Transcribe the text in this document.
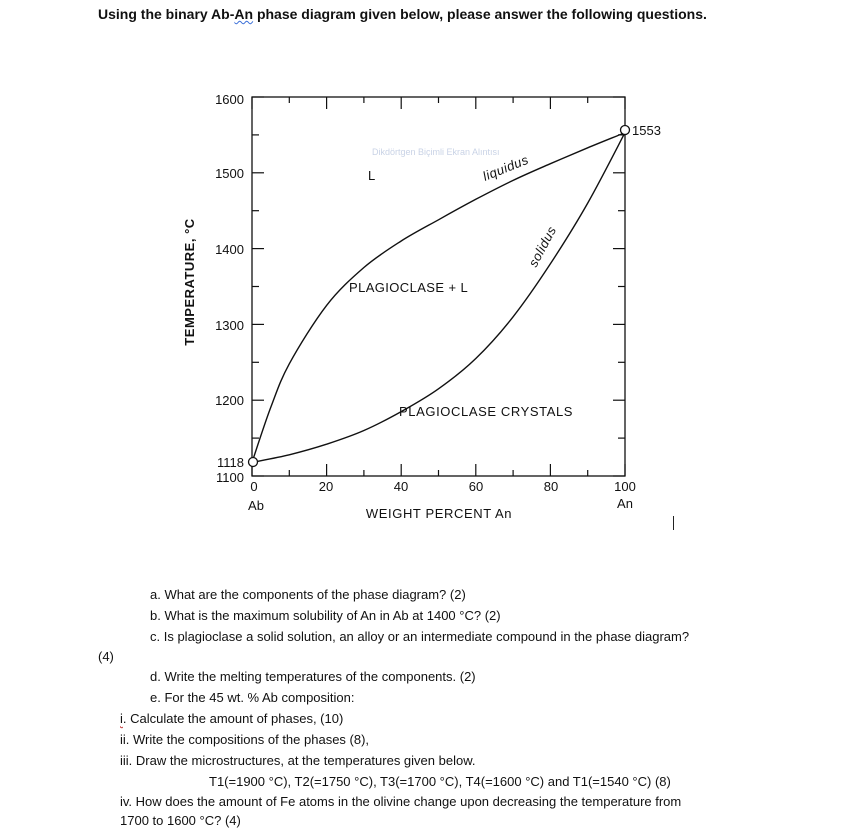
Using the binary Ab-An phase diagram given below, please answer the following questions.
1600
1500
1400
1300
1200
1118
1100
TEMPERATURE, °C
0	20	40	60	80	100
Ab	An
WEIGHT PERCENT An
1553
Dikdörtgen Biçimli Ekran Alıntısı
L
PLAGIOCLASE + L
PLAGIOCLASE CRYSTALS
liquidus
solidus
a. What are the components of the phase diagram? (2)
b. What is the maximum solubility of An in Ab at 1400 °C? (2)
c. Is plagioclase a solid solution, an alloy or an intermediate compound in the phase diagram?
(4)
d. Write the melting temperatures of the components. (2)
e. For the 45 wt. % Ab composition:
i. Calculate the amount of phases, (10)
ii. Write the compositions of the phases (8),
iii. Draw the microstructures, at the temperatures given below.
T1(=1900 °C), T2(=1750 °C), T3(=1700 °C), T4(=1600 °C) and T1(=1540 °C) (8)
iv. How does the amount of Fe atoms in the olivine change upon decreasing the temperature from
1700 to 1600 °C? (4)
